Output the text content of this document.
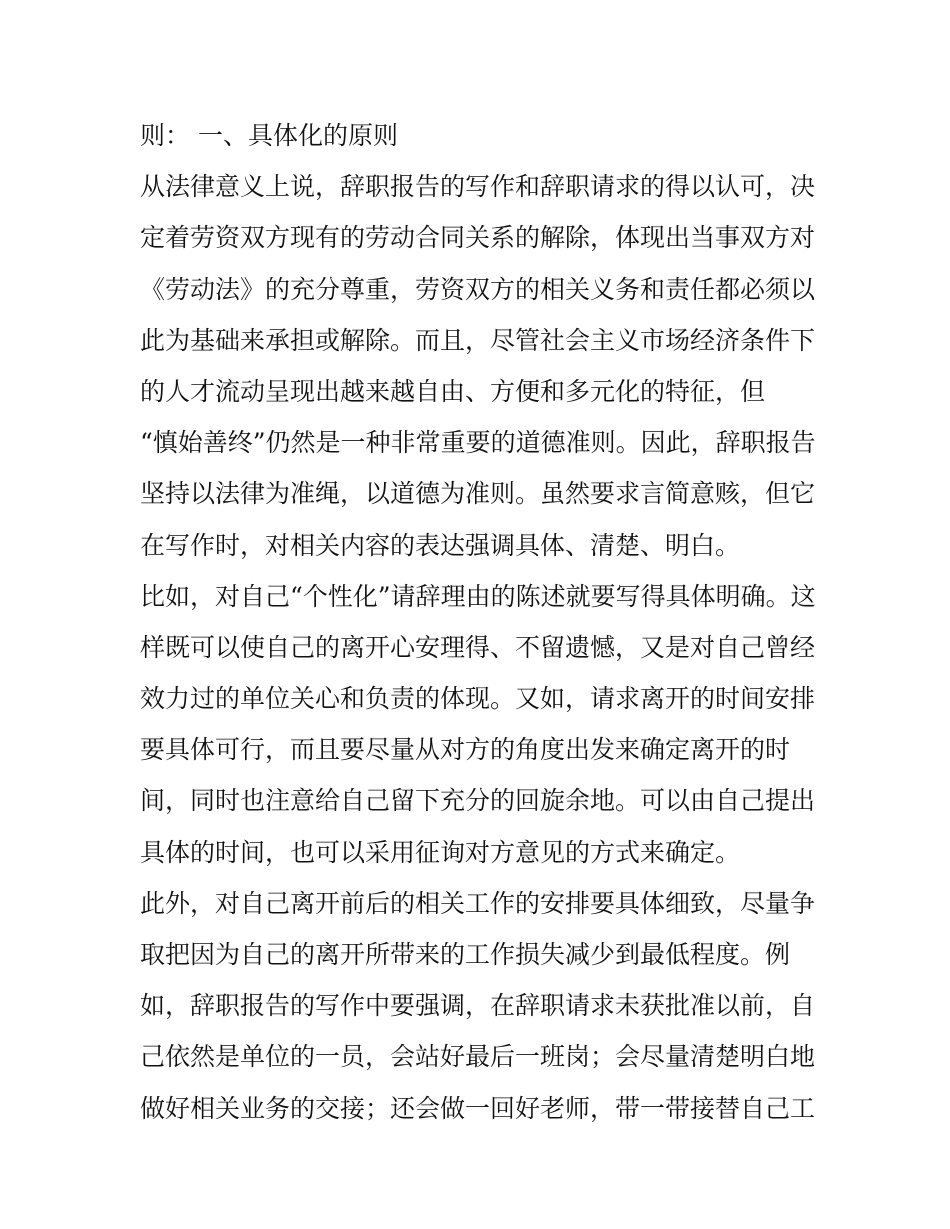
则： 一、具体化的原则
从法律意义上说，辞职报告的写作和辞职请求的得以认可，决
定着劳资双方现有的劳动合同关系的解除，体现出当事双方对
《劳动法》的充分尊重，劳资双方的相关义务和责任都必须以
此为基础来承担或解除。而且，尽管社会主义市场经济条件下
的人才流动呈现出越来越自由、方便和多元化的特征，但
“慎始善终”仍然是一种非常重要的道德准则。因此，辞职报告
坚持以法律为准绳，以道德为准则。虽然要求言简意赅，但它
在写作时，对相关内容的表达强调具体、清楚、明白。
比如，对自己“个性化”请辞理由的陈述就要写得具体明确。这
样既可以使自己的离开心安理得、不留遗憾，又是对自己曾经
效力过的单位关心和负责的体现。又如，请求离开的时间安排
要具体可行，而且要尽量从对方的角度出发来确定离开的时
间，同时也注意给自己留下充分的回旋余地。可以由自己提出
具体的时间，也可以采用征询对方意见的方式来确定。
此外，对自己离开前后的相关工作的安排要具体细致，尽量争
取把因为自己的离开所带来的工作损失减少到最低程度。例
如，辞职报告的写作中要强调，在辞职请求未获批准以前，自
己依然是单位的一员，会站好最后一班岗；会尽量清楚明白地
做好相关业务的交接；还会做一回好老师，带一带接替自己工
